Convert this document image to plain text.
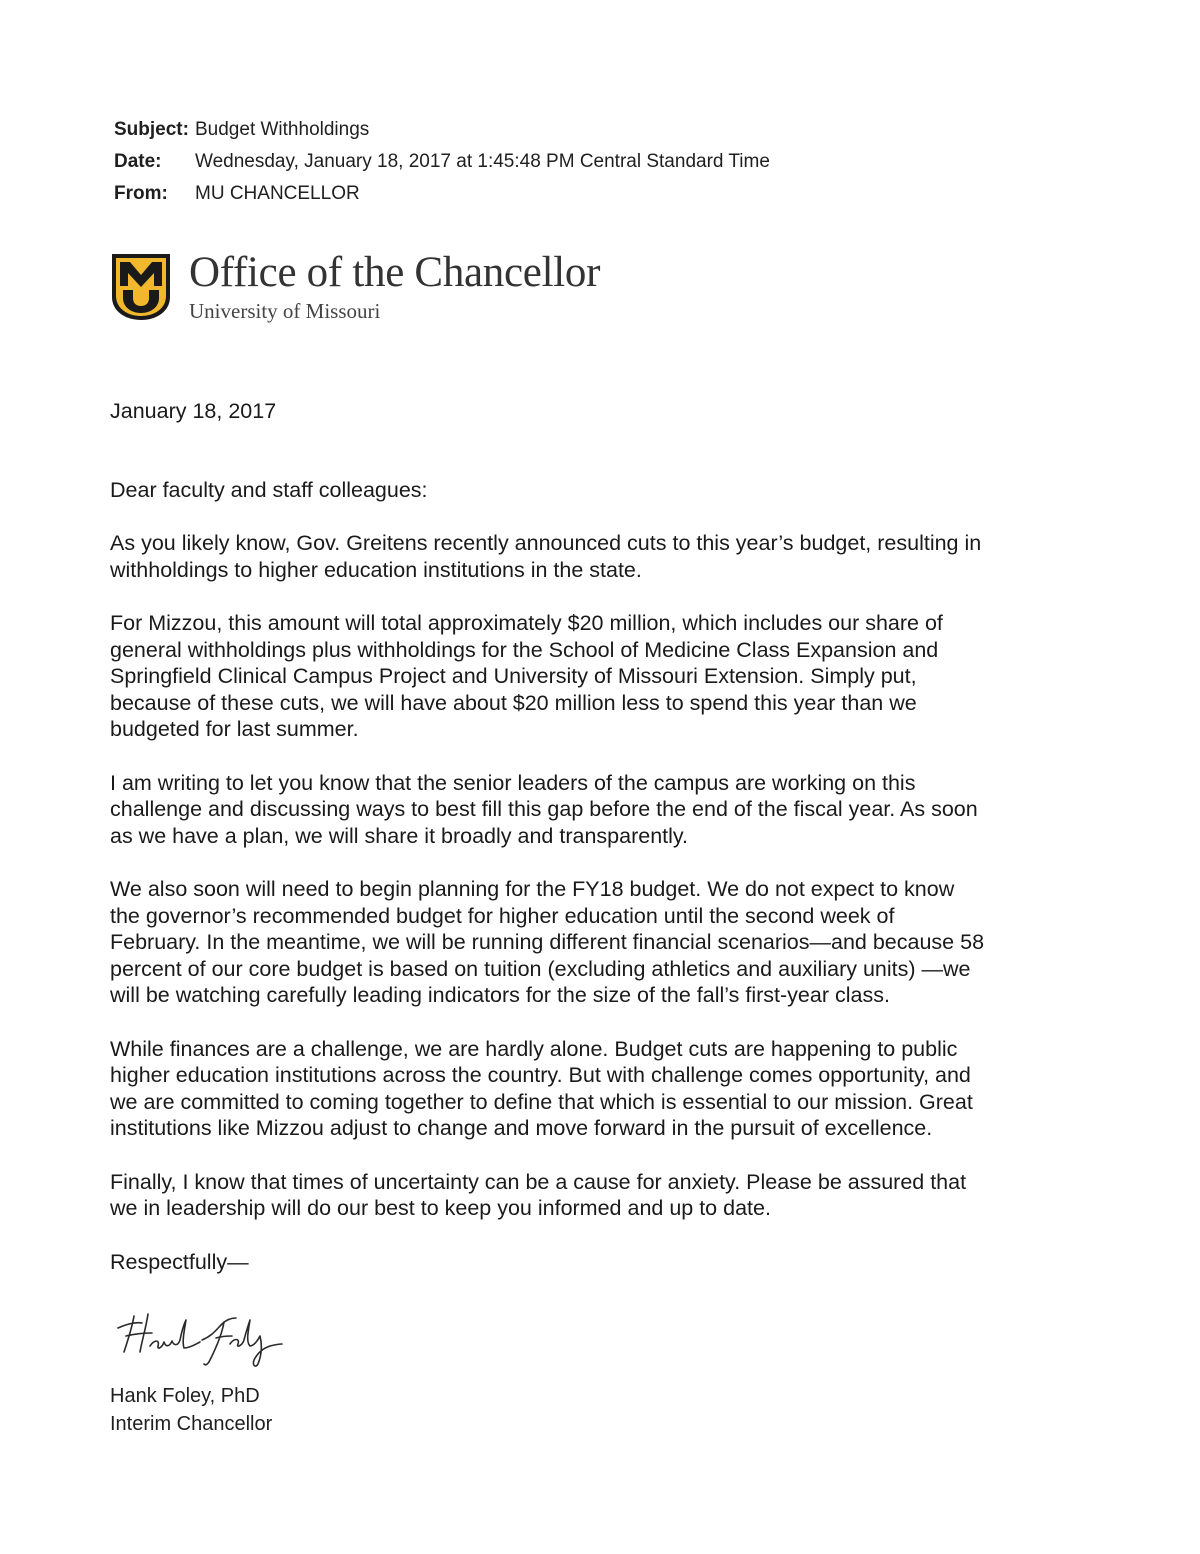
Subject: Budget Withholdings
Date:	Wednesday, January 18, 2017 at 1:45:48 PM Central Standard Time
From:	MU CHANCELLOR
Office of the Chancellor
University of Missouri

January 18, 2017

Dear faculty and staff colleagues:

As you likely know, Gov. Greitens recently announced cuts to this year’s budget, resulting in
withholdings to higher education institutions in the state.

For Mizzou, this amount will total approximately $20 million, which includes our share of
general withholdings plus withholdings for the School of Medicine Class Expansion and
Springfield Clinical Campus Project and University of Missouri Extension. Simply put,
because of these cuts, we will have about $20 million less to spend this year than we
budgeted for last summer.

I am writing to let you know that the senior leaders of the campus are working on this
challenge and discussing ways to best fill this gap before the end of the fiscal year. As soon
as we have a plan, we will share it broadly and transparently.

We also soon will need to begin planning for the FY18 budget. We do not expect to know
the governor’s recommended budget for higher education until the second week of
February. In the meantime, we will be running different financial scenarios—and because 58
percent of our core budget is based on tuition (excluding athletics and auxiliary units) —we
will be watching carefully leading indicators for the size of the fall’s first-year class.

While finances are a challenge, we are hardly alone. Budget cuts are happening to public
higher education institutions across the country. But with challenge comes opportunity, and
we are committed to coming together to define that which is essential to our mission. Great
institutions like Mizzou adjust to change and move forward in the pursuit of excellence.

Finally, I know that times of uncertainty can be a cause for anxiety. Please be assured that
we in leadership will do our best to keep you informed and up to date.

Respectfully—

Hank Foley, PhD
Interim Chancellor
